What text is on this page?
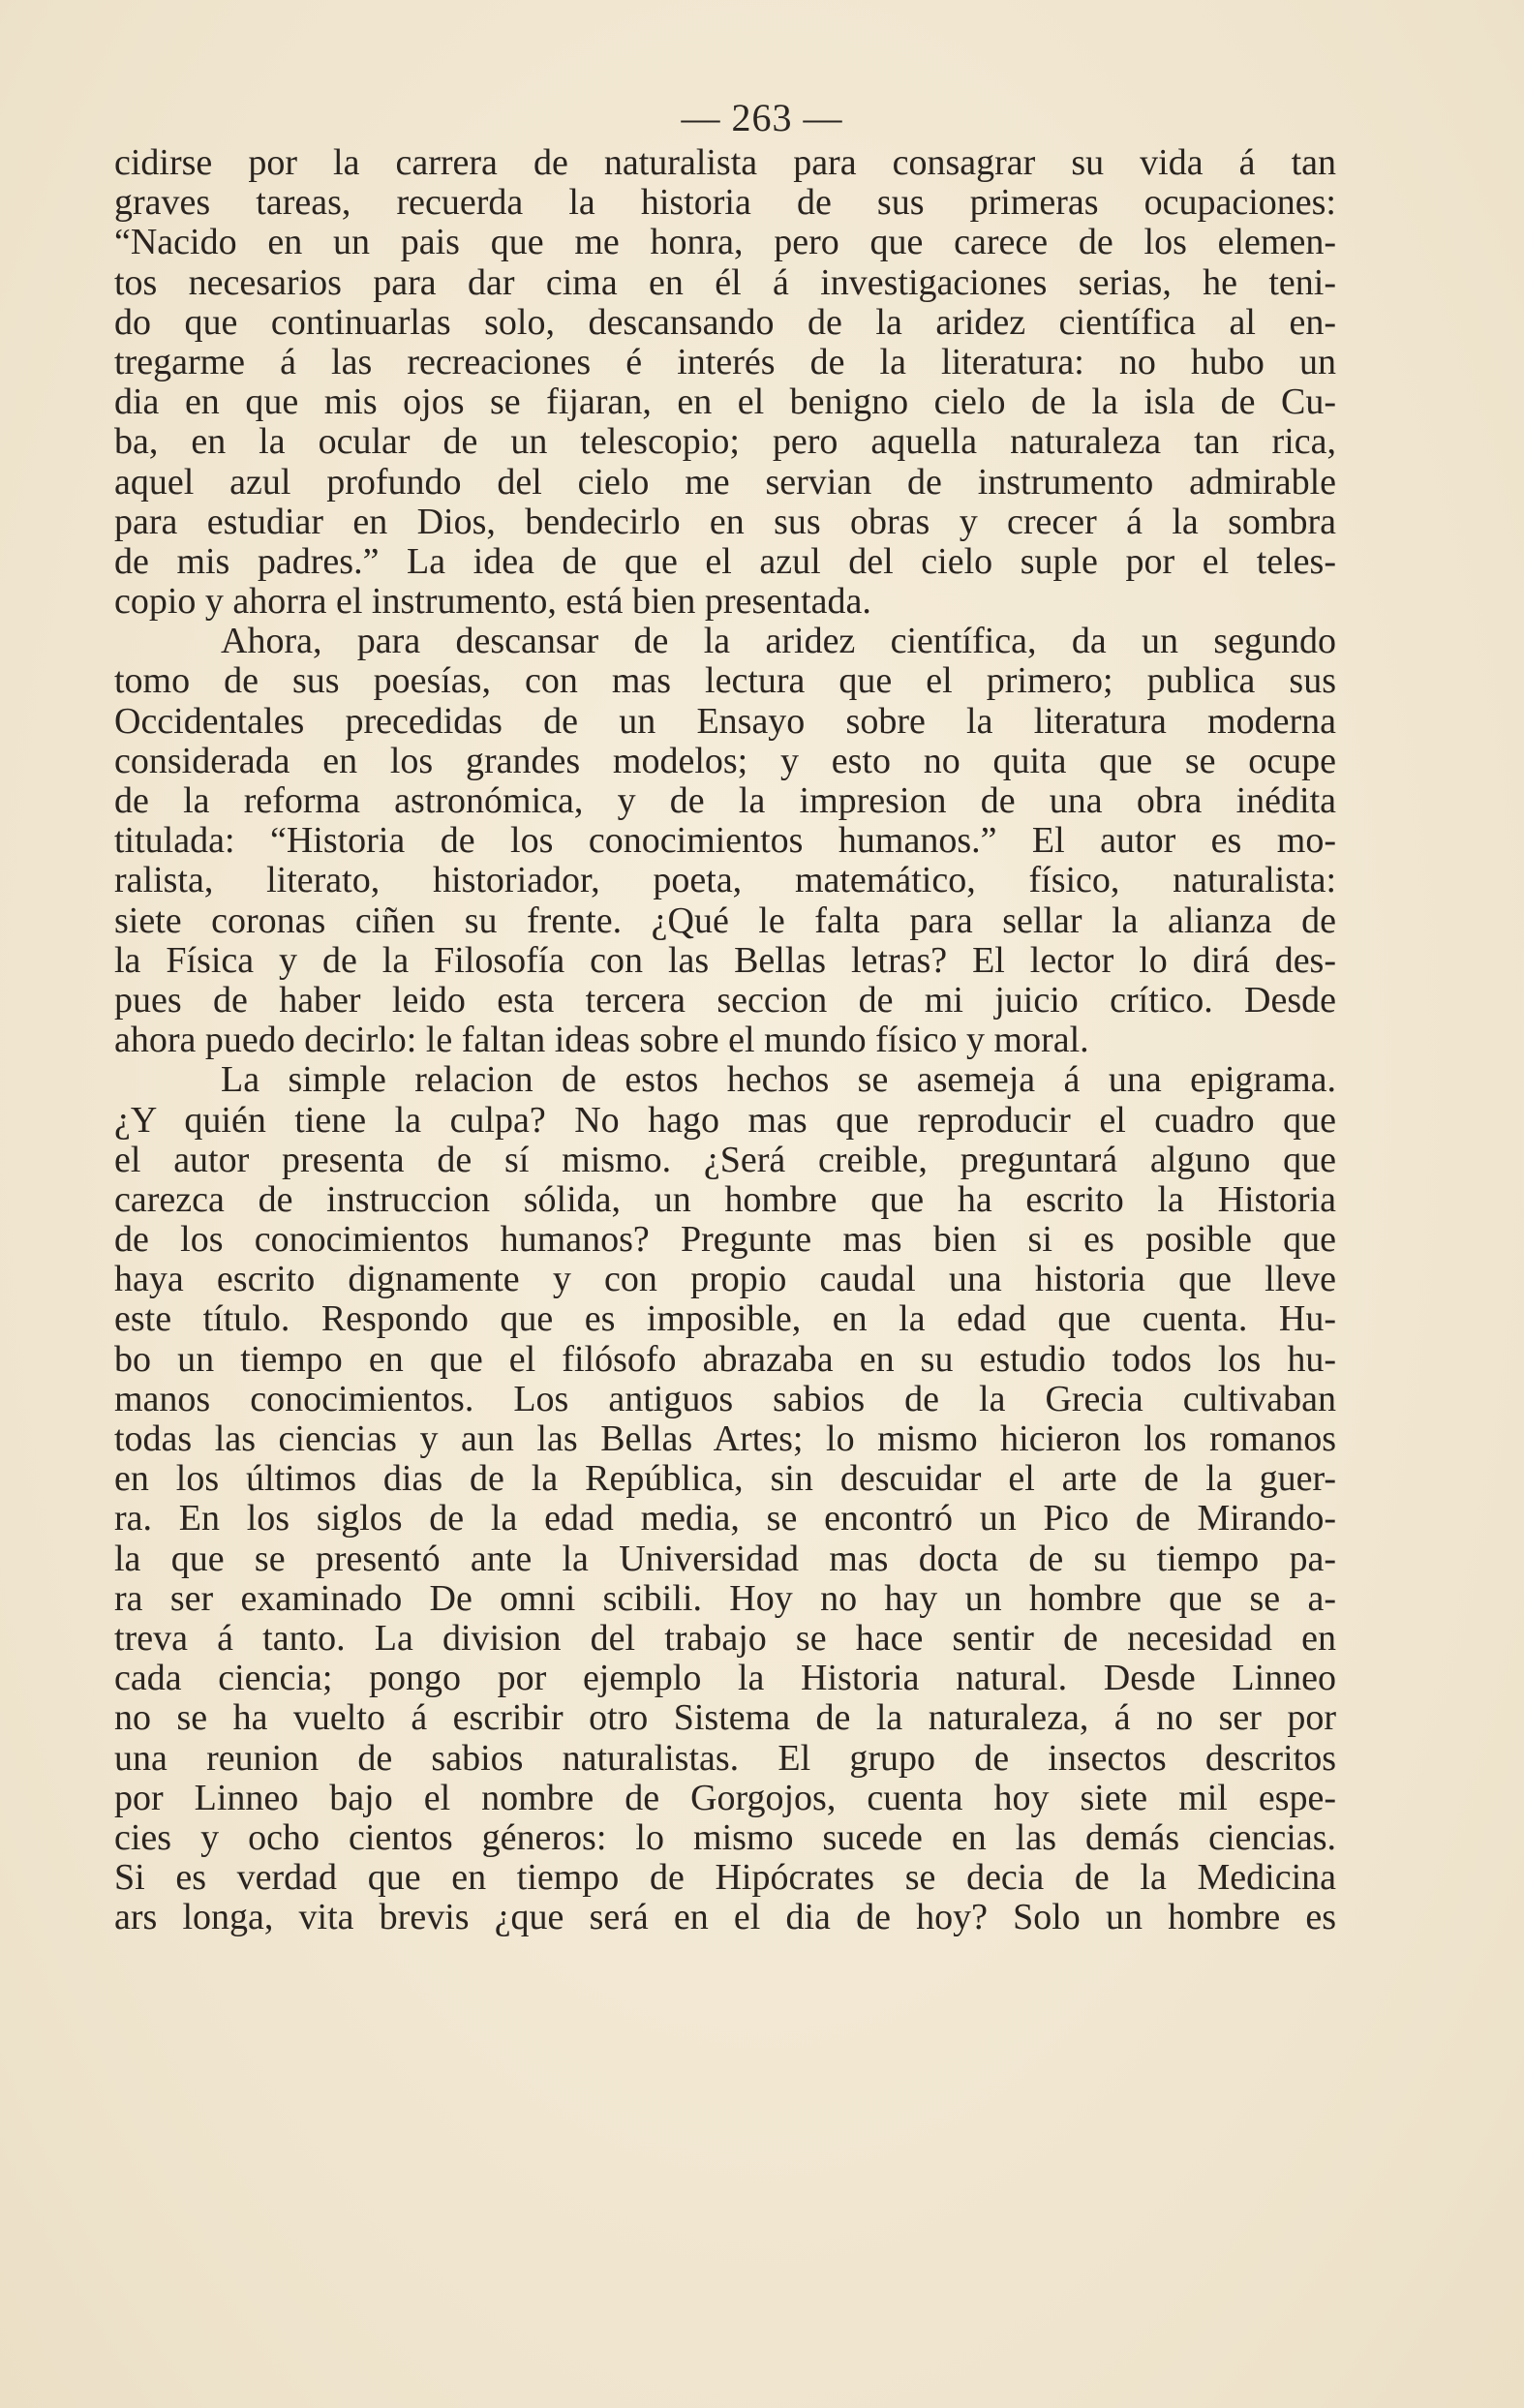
— 263 —
cidirse por la carrera de naturalista para consagrar su vida á tan
graves tareas, recuerda la historia de sus primeras ocupaciones:
“Nacido en un pais que me honra, pero que carece de los elemen-
tos necesarios para dar cima en él á investigaciones serias, he teni-
do que continuarlas solo, descansando de la aridez científica al en-
tregarme á las recreaciones é interés de la literatura: no hubo un
dia en que mis ojos se fijaran, en el benigno cielo de la isla de Cu-
ba, en la ocular de un telescopio; pero aquella naturaleza tan rica,
aquel azul profundo del cielo me servian de instrumento admirable
para estudiar en Dios, bendecirlo en sus obras y crecer á la sombra
de mis padres.” La idea de que el azul del cielo suple por el teles-
copio y ahorra el instrumento, está bien presentada.
Ahora, para descansar de la aridez científica, da un segundo
tomo de sus poesías, con mas lectura que el primero; publica sus
Occidentales precedidas de un Ensayo sobre la literatura moderna
considerada en los grandes modelos; y esto no quita que se ocupe
de la reforma astronómica, y de la impresion de una obra inédita
titulada: “Historia de los conocimientos humanos.” El autor es mo-
ralista, literato, historiador, poeta, matemático, físico, naturalista:
siete coronas ciñen su frente. ¿Qué le falta para sellar la alianza de
la Física y de la Filosofía con las Bellas letras? El lector lo dirá des-
pues de haber leido esta tercera seccion de mi juicio crítico. Desde
ahora puedo decirlo: le faltan ideas sobre el mundo físico y moral.
La simple relacion de estos hechos se asemeja á una epigrama.
¿Y quién tiene la culpa? No hago mas que reproducir el cuadro que
el autor presenta de sí mismo. ¿Será creible, preguntará alguno que
carezca de instruccion sólida, un hombre que ha escrito la Historia
de los conocimientos humanos? Pregunte mas bien si es posible que
haya escrito dignamente y con propio caudal una historia que lleve
este título. Respondo que es imposible, en la edad que cuenta. Hu-
bo un tiempo en que el filósofo abrazaba en su estudio todos los hu-
manos conocimientos. Los antiguos sabios de la Grecia cultivaban
todas las ciencias y aun las Bellas Artes; lo mismo hicieron los romanos
en los últimos dias de la República, sin descuidar el arte de la guer-
ra. En los siglos de la edad media, se encontró un Pico de Mirando-
la que se presentó ante la Universidad mas docta de su tiempo pa-
ra ser examinado De omni scibili. Hoy no hay un hombre que se a-
treva á tanto. La division del trabajo se hace sentir de necesidad en
cada ciencia; pongo por ejemplo la Historia natural. Desde Linneo
no se ha vuelto á escribir otro Sistema de la naturaleza, á no ser por
una reunion de sabios naturalistas. El grupo de insectos descritos
por Linneo bajo el nombre de Gorgojos, cuenta hoy siete mil espe-
cies y ocho cientos géneros: lo mismo sucede en las demás ciencias.
Si es verdad que en tiempo de Hipócrates se decia de la Medicina
ars longa, vita brevis ¿que será en el dia de hoy? Solo un hombre es
